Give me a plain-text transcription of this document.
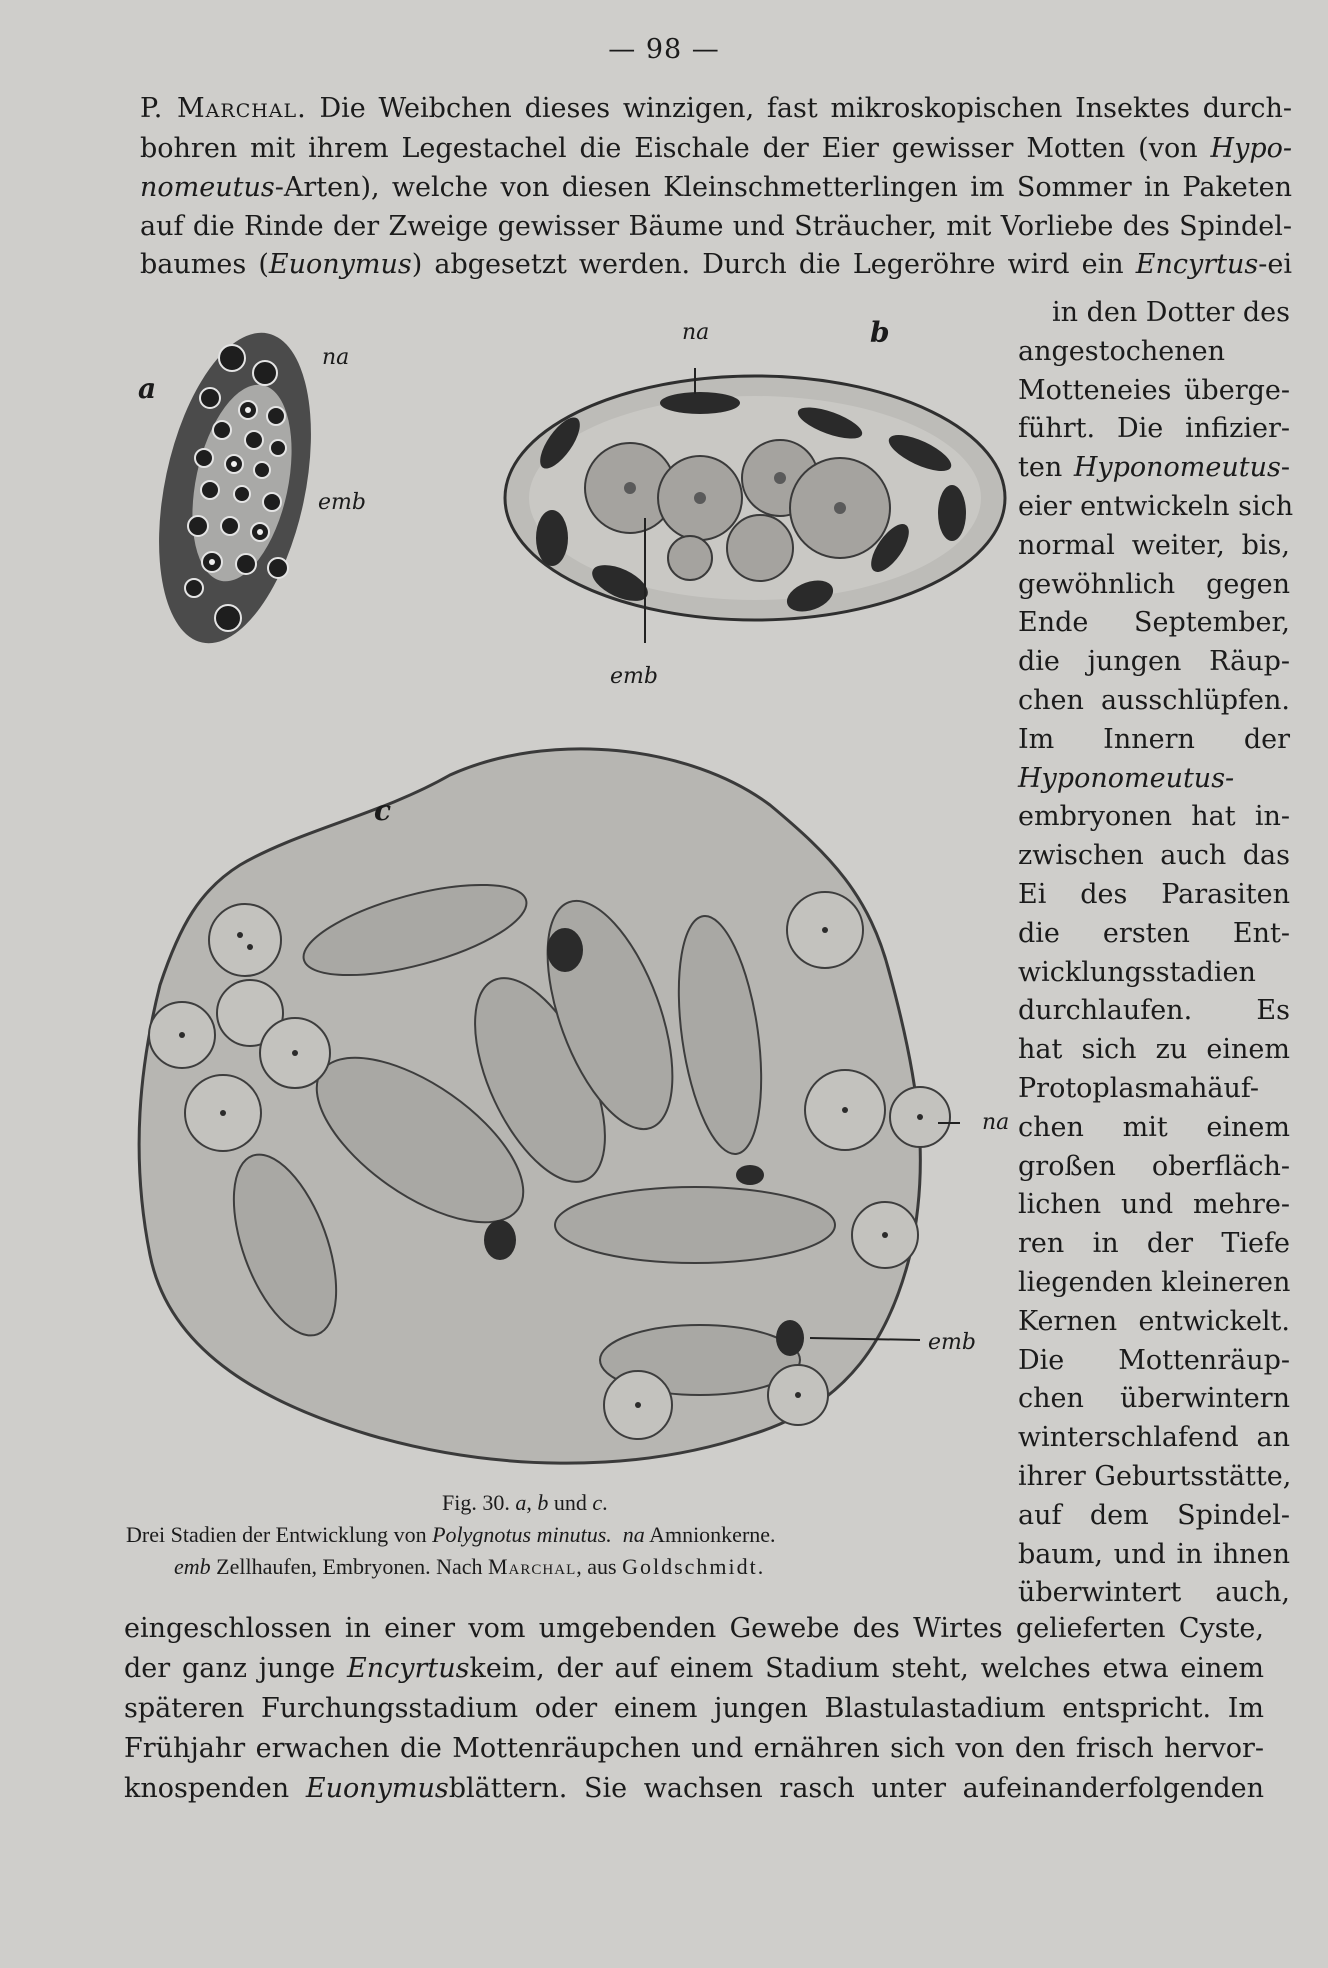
— 98 —
P. Marchal. Die Weibchen dieses winzigen, fast mikroskopischen Insektes durch-
bohren mit ihrem Legestachel die Eischale der Eier gewisser Motten (von Hypo-
nomeutus-Arten), welche von diesen Kleinschmetterlingen im Sommer in Paketen
auf die Rinde der Zweige gewisser Bäume und Sträucher, mit Vorliebe des Spindel-
baumes (Euonymus) abgesetzt werden. Durch die Legeröhre wird ein Encyrtus-ei
in den Dotter des
angestochenen
Motteneies überge-
führt. Die infizier-
ten Hyponomeutus-
eier entwickeln sich
normal weiter, bis,
gewöhnlich gegen
Ende September,
die jungen Räup-
chen ausschlüpfen.
Im Innern der
Hyponomeutus-
embryonen hat in-
zwischen auch das
Ei des Parasiten
die ersten Ent-
wicklungsstadien
durchlaufen. Es
hat sich zu einem
Protoplasmahäuf-
chen mit einem
großen oberfläch-
lichen und mehre-
ren in der Tiefe
liegenden kleineren
Kernen entwickelt.
Die Mottenräup-
chen überwintern
winterschlafend an
ihrer Geburtsstätte,
auf dem Spindel-
baum, und in ihnen
überwintert auch,
a
na
emb
na	b
emb
c
na
emb
Fig. 30. a, b und c.
Drei Stadien der Entwicklung von Polygnotus minutus. na Amnionkerne.
emb Zellhaufen, Embryonen. Nach Marchal, aus Goldschmidt.
eingeschlossen in einer vom umgebenden Gewebe des Wirtes gelieferten Cyste,
der ganz junge Encyrtuskeim, der auf einem Stadium steht, welches etwa einem
späteren Furchungsstadium oder einem jungen Blastulastadium entspricht. Im
Frühjahr erwachen die Mottenräupchen und ernähren sich von den frisch hervor-
knospenden Euonymusblättern. Sie wachsen rasch unter aufeinanderfolgenden
